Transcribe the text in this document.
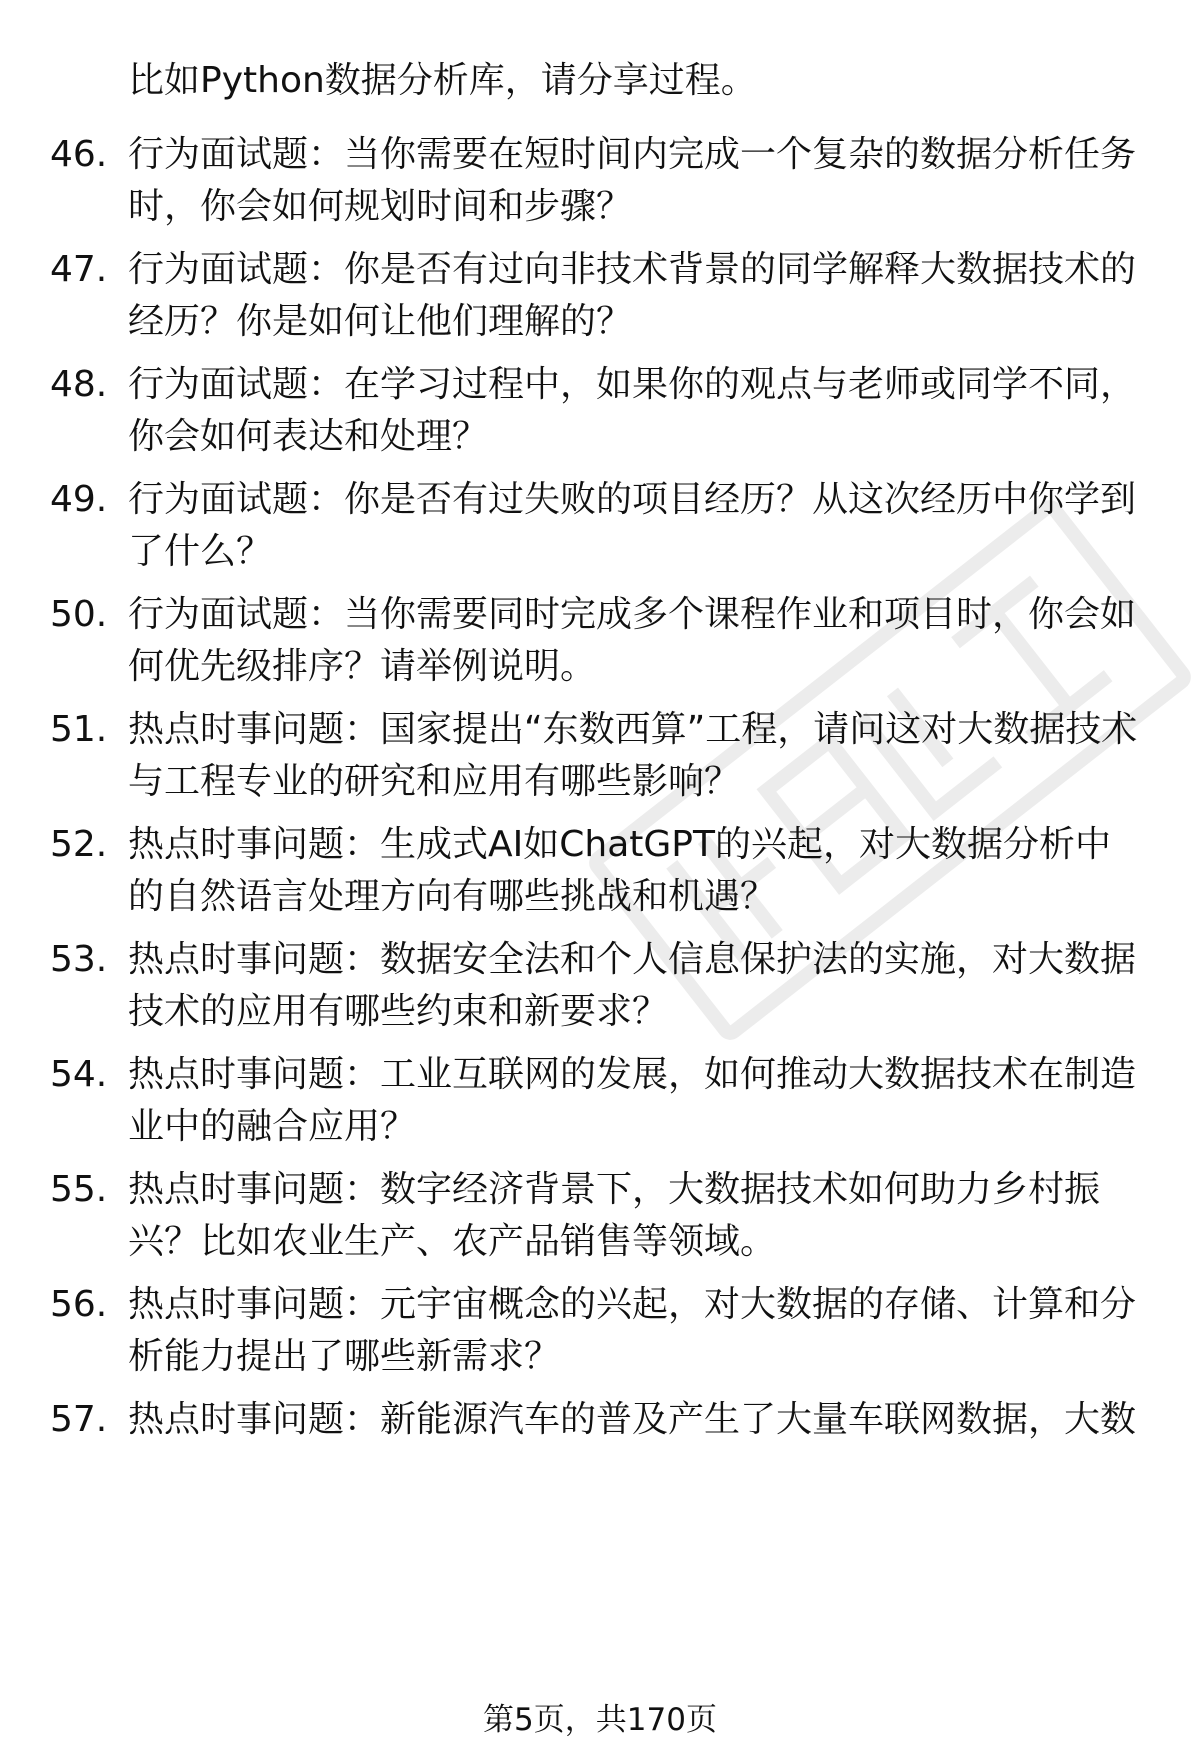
比如Python数据分析库，请分享过程。
46. 行为面试题：当你需要在短时间内完成一个复杂的数据分析任务时，你会如何规划时间和步骤？
47. 行为面试题：你是否有过向非技术背景的同学解释大数据技术的经历？你是如何让他们理解的？
48. 行为面试题：在学习过程中，如果你的观点与老师或同学不同，你会如何表达和处理？
49. 行为面试题：你是否有过失败的项目经历？从这次经历中你学到了什么？
50. 行为面试题：当你需要同时完成多个课程作业和项目时，你会如何优先级排序？请举例说明。
51. 热点时事问题：国家提出“东数西算”工程，请问这对大数据技术与工程专业的研究和应用有哪些影响？
52. 热点时事问题：生成式AI如ChatGPT的兴起，对大数据分析中的自然语言处理方向有哪些挑战和机遇？
53. 热点时事问题：数据安全法和个人信息保护法的实施，对大数据技术的应用有哪些约束和新要求？
54. 热点时事问题：工业互联网的发展，如何推动大数据技术在制造业中的融合应用？
55. 热点时事问题：数字经济背景下，大数据技术如何助力乡村振兴？比如农业生产、农产品销售等领域。
56. 热点时事问题：元宇宙概念的兴起，对大数据的存储、计算和分析能力提出了哪些新需求？
57. 热点时事问题：新能源汽车的普及产生了大量车联网数据，大数
第5页，共170页
